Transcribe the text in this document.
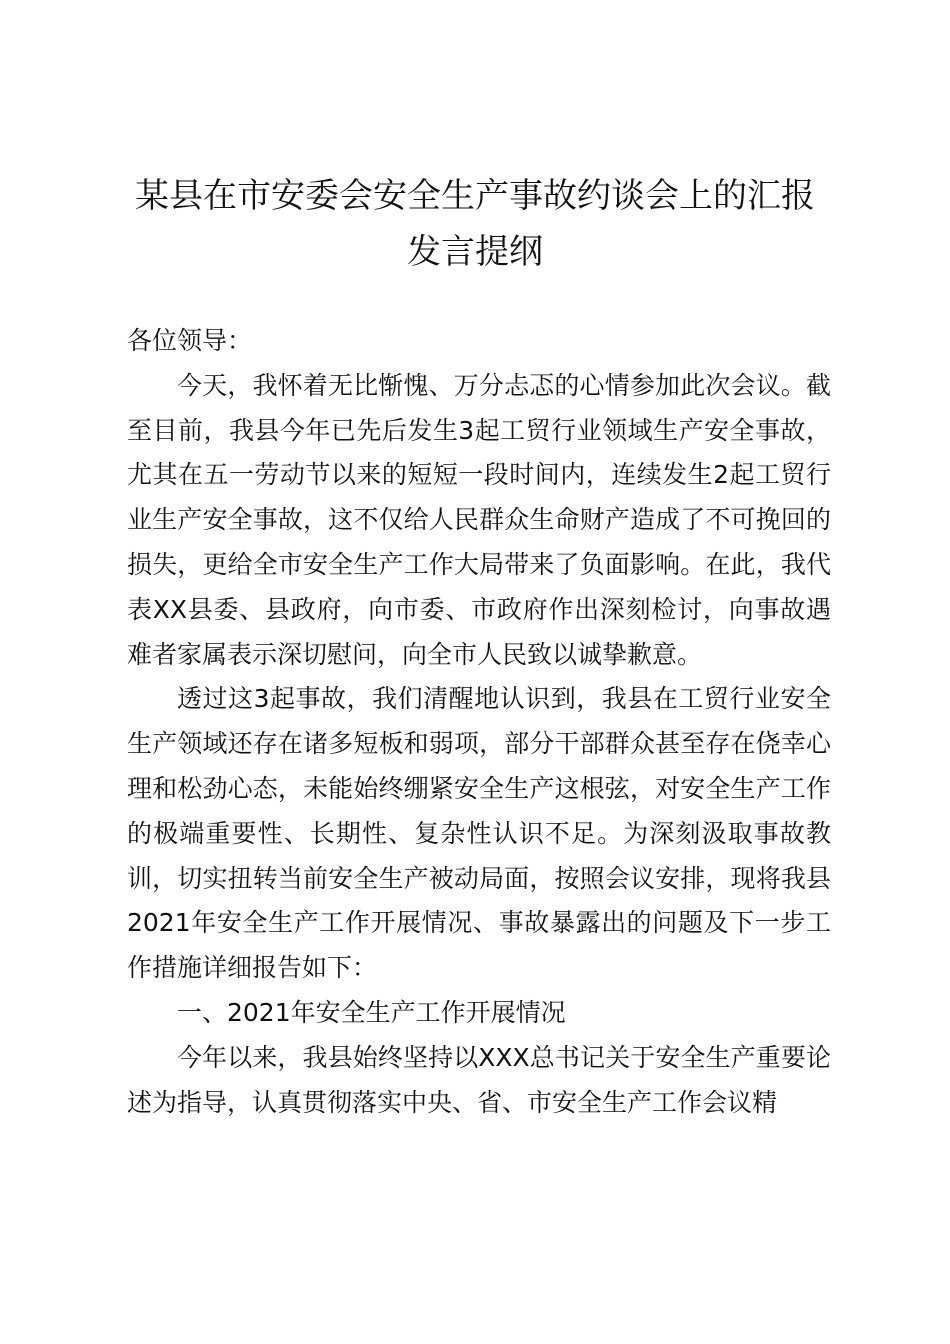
某县在市安委会安全生产事故约谈会上的汇报
发言提纲

各位领导：

今天，我怀着无比惭愧、万分忐忑的心情参加此次会议。截至目前，我县今年已先后发生3起工贸行业领域生产安全事故，尤其在五一劳动节以来的短短一段时间内，连续发生2起工贸行业生产安全事故，这不仅给人民群众生命财产造成了不可挽回的损失，更给全市安全生产工作大局带来了负面影响。在此，我代表XX县委、县政府，向市委、市政府作出深刻检讨，向事故遇难者家属表示深切慰问，向全市人民致以诚挚歉意。

透过这3起事故，我们清醒地认识到，我县在工贸行业安全生产领域还存在诸多短板和弱项，部分干部群众甚至存在侥幸心理和松劲心态，未能始终绷紧安全生产这根弦，对安全生产工作的极端重要性、长期性、复杂性认识不足。为深刻汲取事故教训，切实扭转当前安全生产被动局面，按照会议安排，现将我县2021年安全生产工作开展情况、事故暴露出的问题及下一步工作措施详细报告如下：

一、2021年安全生产工作开展情况

今年以来，我县始终坚持以XXX总书记关于安全生产重要论述为指导，认真贯彻落实中央、省、市安全生产工作会议精
